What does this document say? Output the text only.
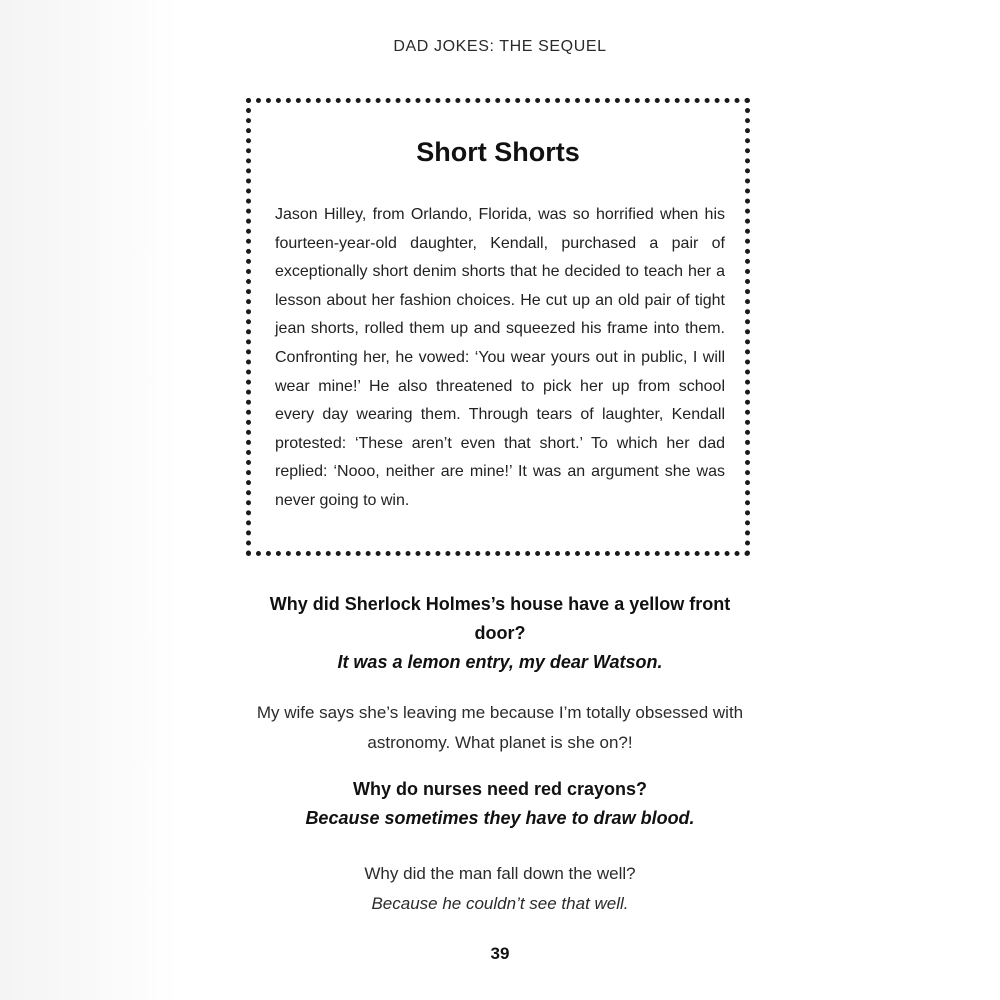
DAD JOKES: THE SEQUEL
Short Shorts

Jason Hilley, from Orlando, Florida, was so horrified when his fourteen-year-old daughter, Kendall, purchased a pair of exceptionally short denim shorts that he decided to teach her a lesson about her fashion choices. He cut up an old pair of tight jean shorts, rolled them up and squeezed his frame into them. Confronting her, he vowed: ‘You wear yours out in public, I will wear mine!’ He also threatened to pick her up from school every day wearing them. Through tears of laughter, Kendall protested: ‘These aren’t even that short.’ To which her dad replied: ‘Nooo, neither are mine!’ It was an argument she was never going to win.

Why did Sherlock Holmes’s house have a yellow front door?

It was a lemon entry, my dear Watson.

My wife says she’s leaving me because I’m totally obsessed with astronomy. What planet is she on?!

Why do nurses need red crayons?

Because sometimes they have to draw blood.

Why did the man fall down the well?

Because he couldn’t see that well.

39
